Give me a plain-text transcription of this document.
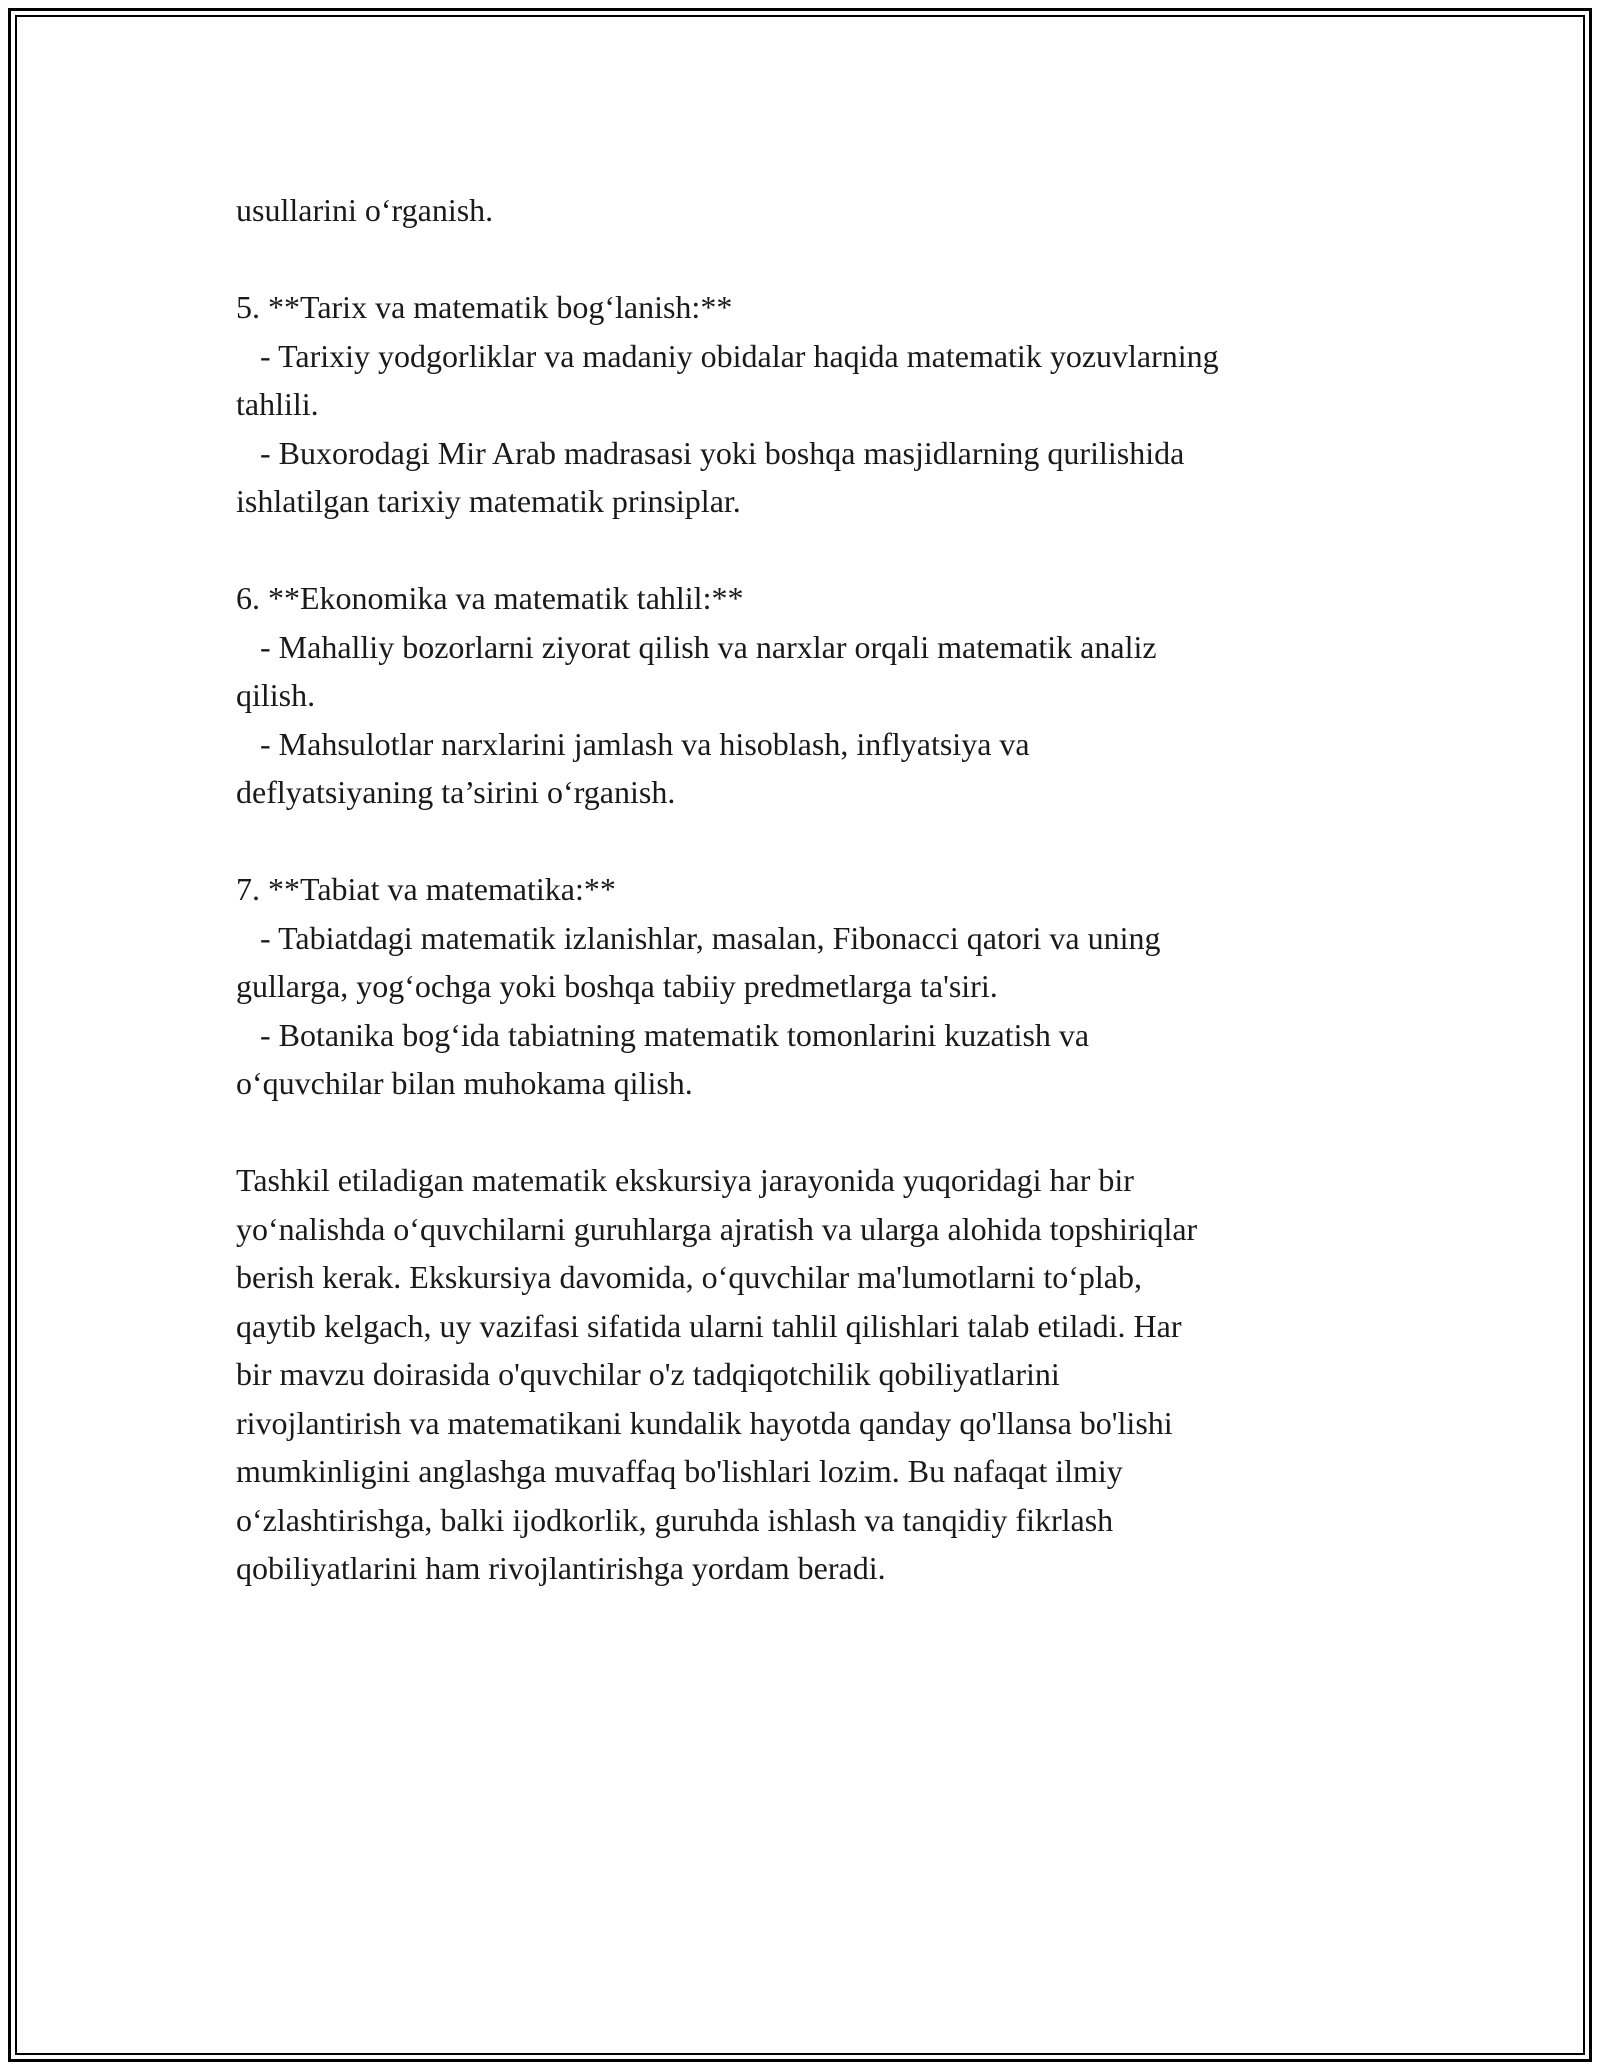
usullarini o‘rganish.
5. **Tarix va matematik bog‘lanish:**
- Tarixiy yodgorliklar va madaniy obidalar haqida matematik yozuvlarning
tahlili.
- Buxorodagi Mir Arab madrasasi yoki boshqa masjidlarning qurilishida
ishlatilgan tarixiy matematik prinsiplar.
6. **Ekonomika va matematik tahlil:**
- Mahalliy bozorlarni ziyorat qilish va narxlar orqali matematik analiz
qilish.
- Mahsulotlar narxlarini jamlash va hisoblash, inflyatsiya va
deflyatsiyaning ta’sirini o‘rganish.
7. **Tabiat va matematika:**
- Tabiatdagi matematik izlanishlar, masalan, Fibonacci qatori va uning
gullarga, yog‘ochga yoki boshqa tabiiy predmetlarga ta'siri.
- Botanika bog‘ida tabiatning matematik tomonlarini kuzatish va
o‘quvchilar bilan muhokama qilish.
Tashkil etiladigan matematik ekskursiya jarayonida yuqoridagi har bir
yo‘nalishda o‘quvchilarni guruhlarga ajratish va ularga alohida topshiriqlar
berish kerak. Ekskursiya davomida, o‘quvchilar ma'lumotlarni to‘plab,
qaytib kelgach, uy vazifasi sifatida ularni tahlil qilishlari talab etiladi. Har
bir mavzu doirasida o'quvchilar o'z tadqiqotchilik qobiliyatlarini
rivojlantirish va matematikani kundalik hayotda qanday qo'llansa bo'lishi
mumkinligini anglashga muvaffaq bo'lishlari lozim. Bu nafaqat ilmiy
o‘zlashtirishga, balki ijodkorlik, guruhda ishlash va tanqidiy fikrlash
qobiliyatlarini ham rivojlantirishga yordam beradi.
